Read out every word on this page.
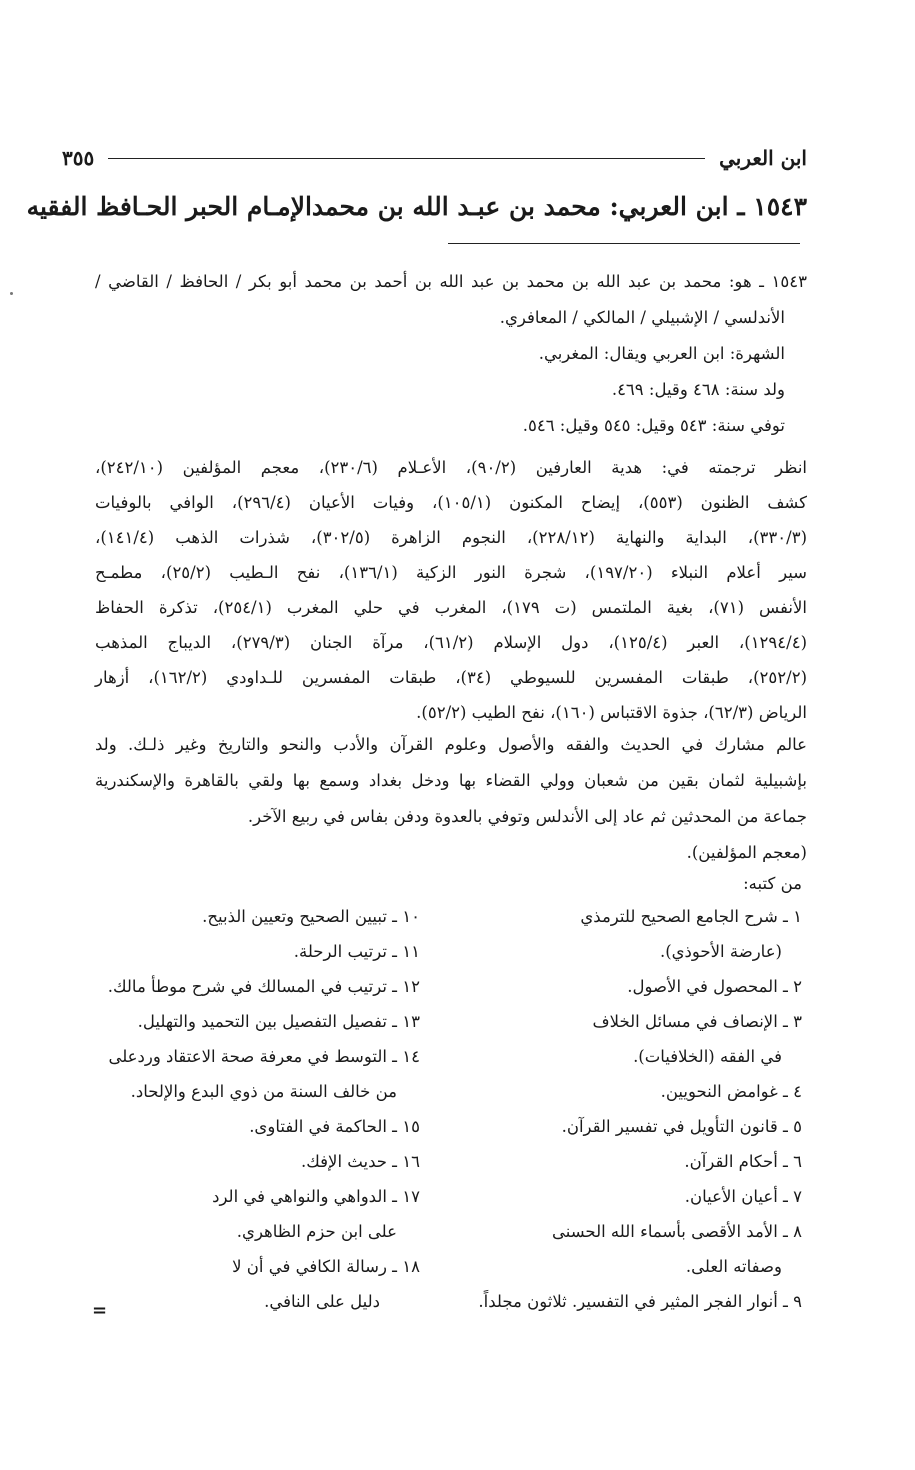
ابن العربي
٣٥٥
١٥٤٣ ـ ابن العربي: محمد بن عبـد الله بن محمدالإمـام الحبر الحـافظ الفقيه
١٥٤٣ ـ هو: محمد بن عبد الله بن محمد بن عبد الله بن أحمد بن محمد أبو بكر / الحافظ / القاضي /
الأندلسي / الإشبيلي / المالكي / المعافري.
الشهرة: ابن العربي ويقال: المغربي.
ولد سنة: ٤٦٨ وقيل: ٤٦٩.
توفي سنة: ٥٤٣ وقيل: ٥٤٥ وقيل: ٥٤٦.
انظر ترجمته في: هدية العارفين (٩٠/٢)، الأعـلام (٢٣٠/٦)، معجم المؤلفين (٢٤٢/١٠)،
كشف الظنون (٥٥٣)، إيضاح المكنون (١٠٥/١)، وفيات الأعيان (٢٩٦/٤)، الوافي بالوفيات
(٣٣٠/٣)، البداية والنهاية (٢٢٨/١٢)، النجوم الزاهرة (٣٠٢/٥)، شذرات الذهب (١٤١/٤)،
سير أعلام النبلاء (١٩٧/٢٠)، شجرة النور الزكية (١٣٦/١)، نفح الـطيب (٢٥/٢)، مطمـح
الأنفس (٧١)، بغية الملتمس (ت ١٧٩)، المغرب في حلي المغرب (٢٥٤/١)، تذكرة الحفاظ
(١٢٩٤/٤)، العبر (١٢٥/٤)، دول الإسلام (٦١/٢)، مرآة الجنان (٢٧٩/٣)، الديباج المذهب
(٢٥٢/٢)، طبقات المفسرين للسيوطي (٣٤)، طبقات المفسرين للـداودي (١٦٢/٢)، أزهار
الرياض (٦٢/٣)، جذوة الاقتباس (١٦٠)، نفح الطيب (٥٢/٢).
عالم مشارك في الحديث والفقه والأصول وعلوم القرآن والأدب والنحو والتاريخ وغير ذلـك. ولد
بإشبيلية لثمان بقين من شعبان وولي القضاء بها ودخل بغداد وسمع بها ولقي بالقاهرة والإسكندرية
جماعة من المحدثين ثم عاد إلى الأندلس وتوفي بالعدوة ودفن بفاس في ربيع الآخر.
(معجم المؤلفين).
من كتبه:
١ ـ شرح الجامع الصحيح للترمذي
(عارضة الأحوذي).
٢ ـ المحصول في الأصول.
٣ ـ الإنصاف في مسائل الخلاف
في الفقه (الخلافيات).
٤ ـ غوامض النحويين.
٥ ـ قانون التأويل في تفسير القرآن.
٦ ـ أحكام القرآن.
٧ ـ أعيان الأعيان.
٨ ـ الأمد الأقصى بأسماء الله الحسنى
وصفاته العلى.
٩ ـ أنوار الفجر المثير في التفسير. ثلاثون مجلداً.
١٠ ـ تبيين الصحيح وتعيين الذبيح.
١١ ـ ترتيب الرحلة.
١٢ ـ ترتيب في المسالك في شرح موطأ مالك.
١٣ ـ تفصيل التفصيل بين التحميد والتهليل.
١٤ ـ التوسط في معرفة صحة الاعتقاد وردعلى
من خالف السنة من ذوي البدع والإلحاد.
١٥ ـ الحاكمة في الفتاوى.
١٦ ـ حديث الإفك.
١٧ ـ الدواهي والنواهي في الرد
على ابن حزم الظاهري.
١٨ ـ رسالة الكافي في أن لا
دليل على النافي.
=
